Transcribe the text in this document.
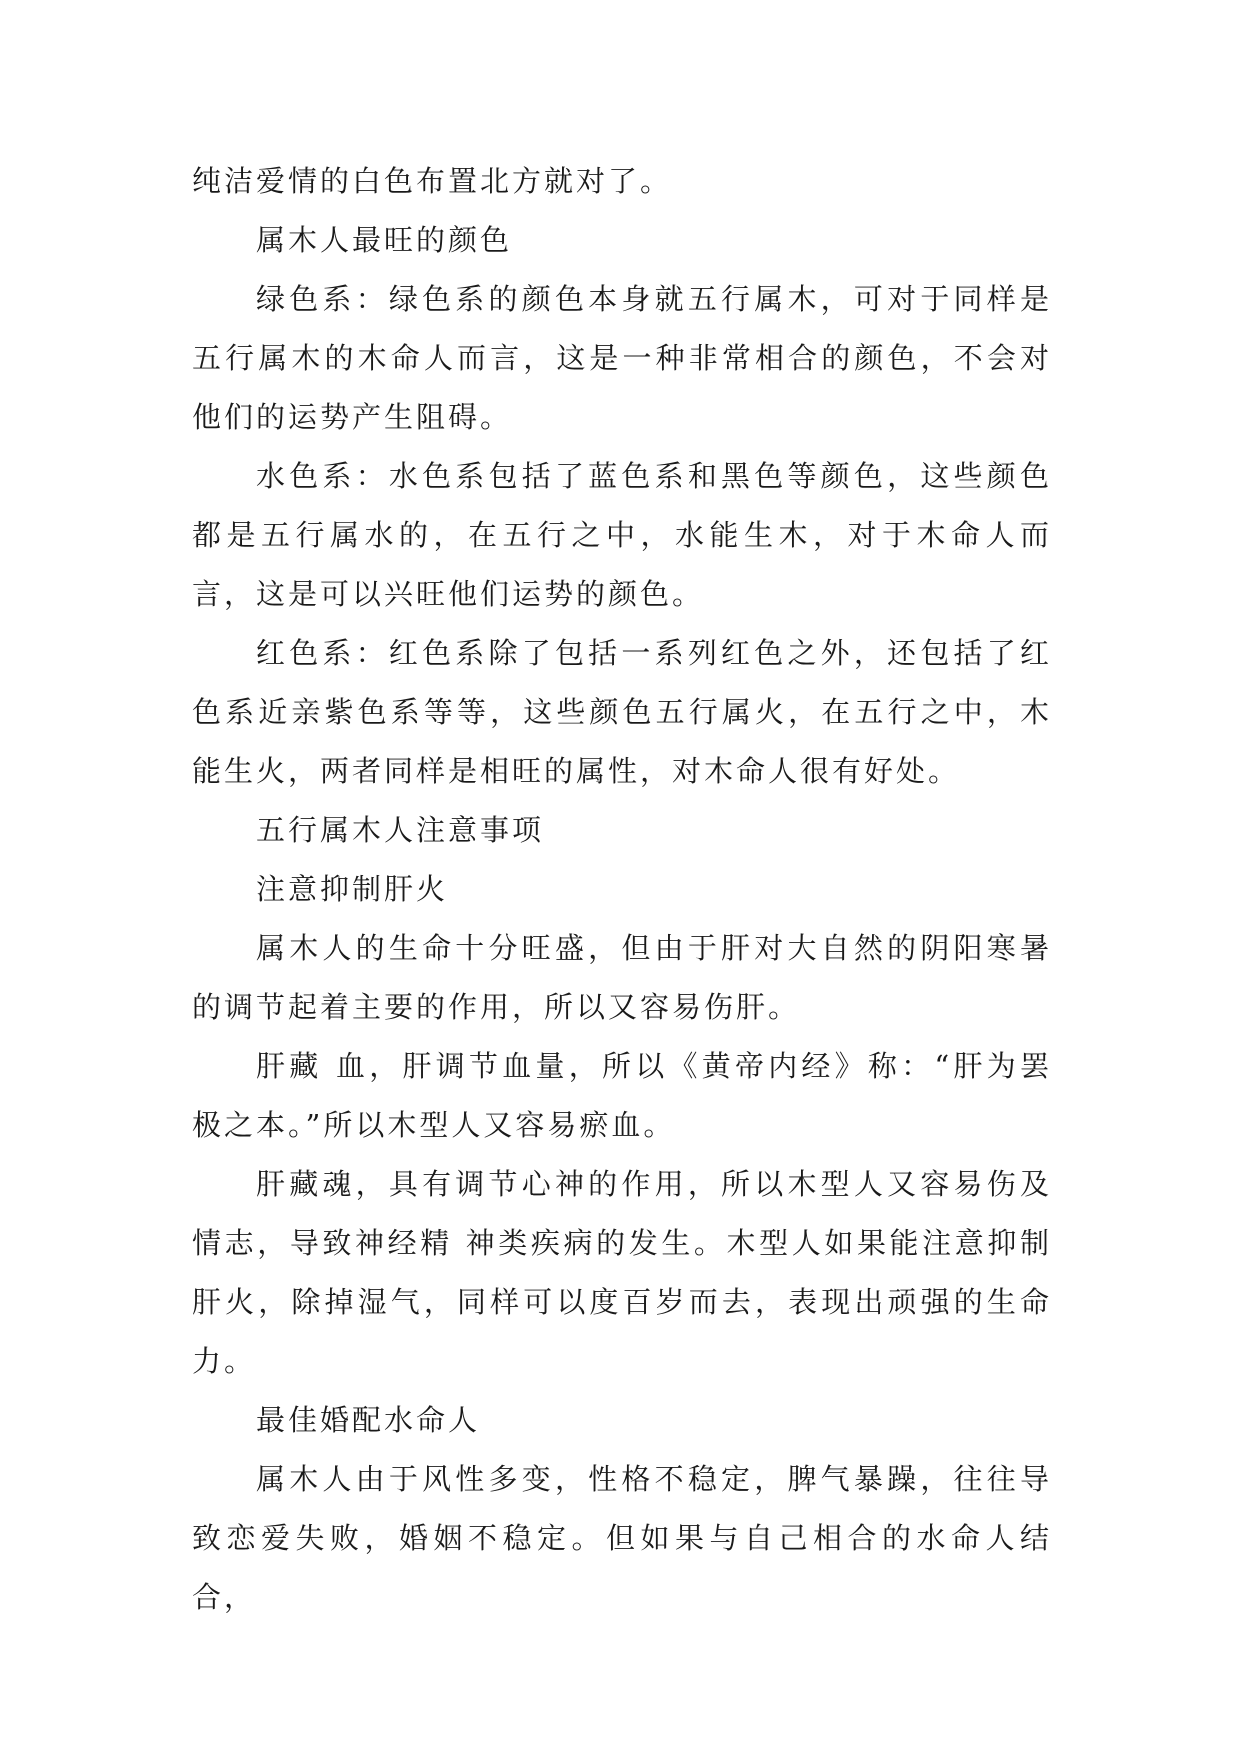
纯洁爱情的白色布置北方就对了。

属木人最旺的颜色

绿色系：绿色系的颜色本身就五行属木，可对于同样是五行属木的木命人而言，这是一种非常相合的颜色，不会对他们的运势产生阻碍。

水色系：水色系包括了蓝色系和黑色等颜色，这些颜色都是五行属水的，在五行之中，水能生木，对于木命人而言，这是可以兴旺他们运势的颜色。

红色系：红色系除了包括一系列红色之外，还包括了红色系近亲紫色系等等，这些颜色五行属火，在五行之中，木能生火，两者同样是相旺的属性，对木命人很有好处。

五行属木人注意事项

注意抑制肝火

属木人的生命十分旺盛，但由于肝对大自然的阴阳寒暑的调节起着主要的作用，所以又容易伤肝。

肝藏 血，肝调节血量，所以《黄帝内经》称：“肝为罢极之本。”所以木型人又容易瘀血。

肝藏魂，具有调节心神的作用，所以木型人又容易伤及情志，导致神经精 神类疾病的发生。木型人如果能注意抑制肝火，除掉湿气，同样可以度百岁而去，表现出顽强的生命力。

最佳婚配水命人

属木人由于风性多变，性格不稳定，脾气暴躁，往往导致恋爱失败，婚姻不稳定。但如果与自己相合的水命人结合，
